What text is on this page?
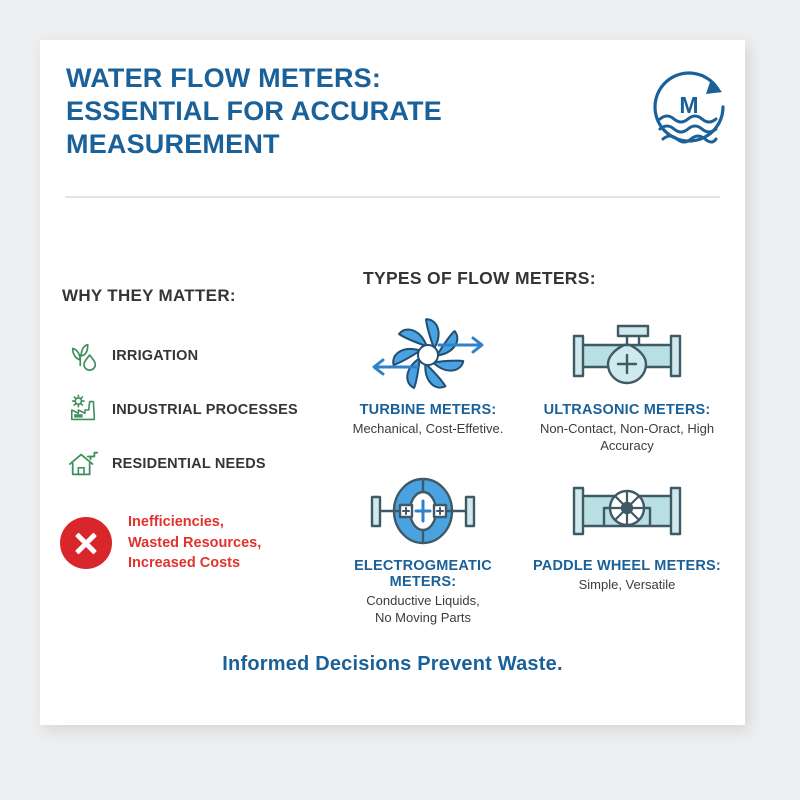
WATER FLOW METERS:
ESSENTIAL FOR ACCURATE
MEASUREMENT
M
WHY THEY MATTER:
IRRIGATION
INDUSTRIAL PROCESSES
RESIDENTIAL NEEDS
Inefficiencies,
Wasted Resources,
Increased Costs
TYPES OF FLOW METERS:
TURBINE METERS:
Mechanical, Cost-Effetive.
ULTRASONIC METERS:
Non-Contact, Non-Oract, High
Accuracy
ELECTROGMEATIC METERS:
Conductive Liquids,
No Moving Parts
PADDLE WHEEL METERS:
Simple, Versatile
Informed Decisions Prevent Waste.
